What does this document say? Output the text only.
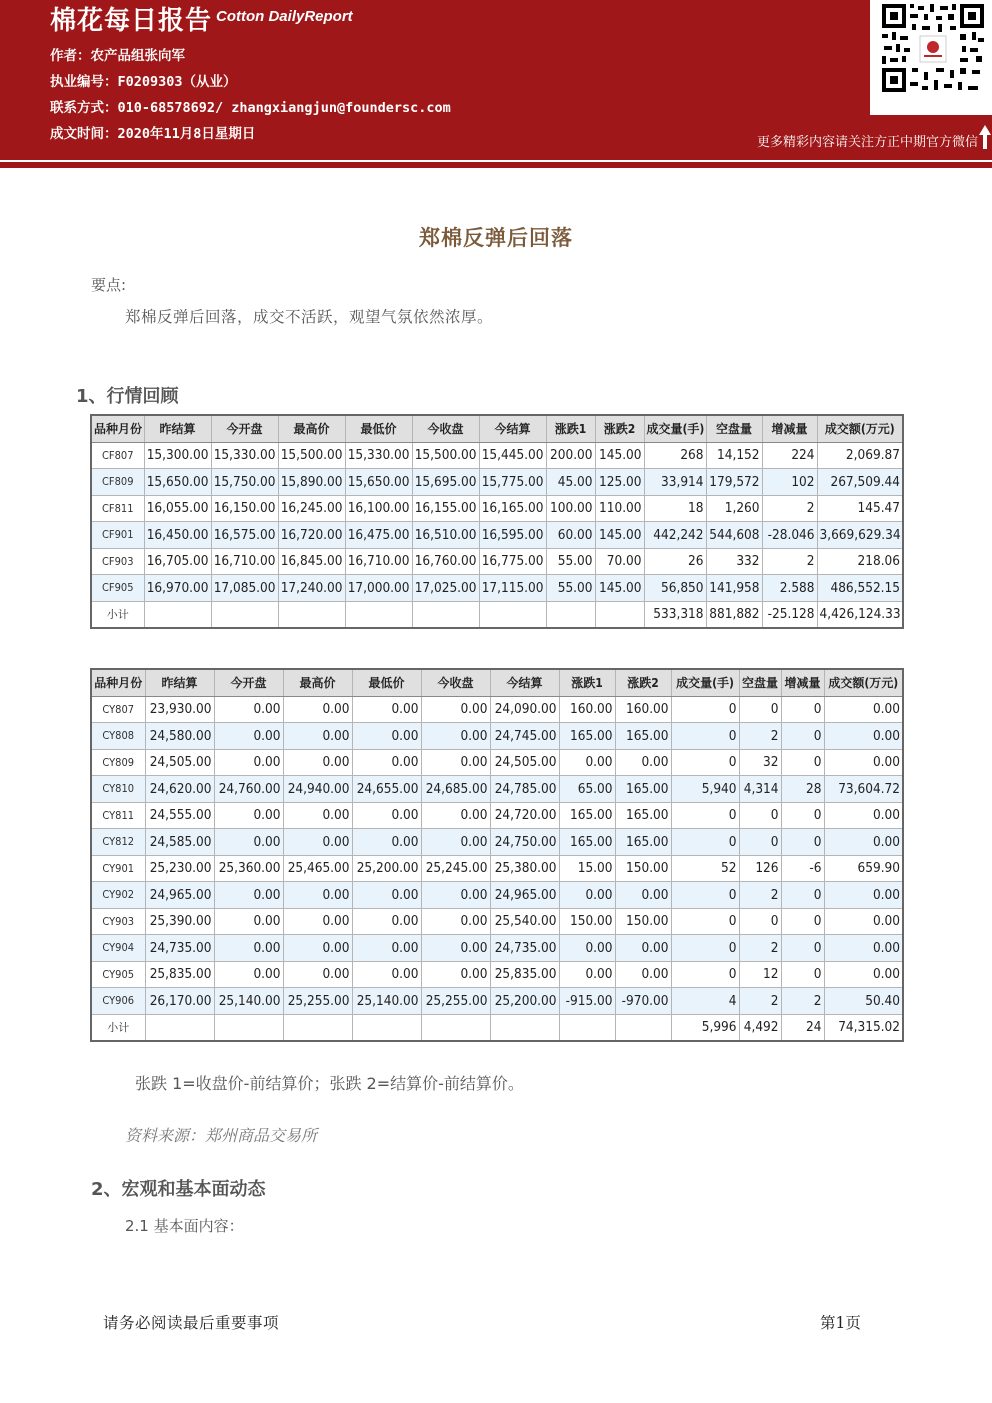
棉花每日报告 Cotton DailyReport
作者：农产品组张向军
执业编号：F0209303（从业）
联系方式：010-68578692/ zhangxiangjun@foundersc.com
成文时间：2020年11月8日星期日
更多精彩内容请关注方正中期官方微信
郑棉反弹后回落
要点:
郑棉反弹后回落，成交不活跃，观望气氛依然浓厚。
1、行情回顾
品种月份	昨结算	今开盘	最高价	最低价	今收盘	今结算	涨跌1	涨跌2	成交量(手)	空盘量	增减量	成交额(万元)
CF807	15,300.00	15,330.00	15,500.00	15,330.00	15,500.00	15,445.00	200.00	145.00	268	14,152	224	2,069.87
CF809	15,650.00	15,750.00	15,890.00	15,650.00	15,695.00	15,775.00	45.00	125.00	33,914	179,572	102	267,509.44
CF811	16,055.00	16,150.00	16,245.00	16,100.00	16,155.00	16,165.00	100.00	110.00	18	1,260	2	145.47
CF901	16,450.00	16,575.00	16,720.00	16,475.00	16,510.00	16,595.00	60.00	145.00	442,242	544,608	-28.046	3,669,629.34
CF903	16,705.00	16,710.00	16,845.00	16,710.00	16,760.00	16,775.00	55.00	70.00	26	332	2	218.06
CF905	16,970.00	17,085.00	17,240.00	17,000.00	17,025.00	17,115.00	55.00	145.00	56,850	141,958	2.588	486,552.15
小计									533,318	881,882	-25.128	4,426,124.33
品种月份	昨结算	今开盘	最高价	最低价	今收盘	今结算	涨跌1	涨跌2	成交量(手)	空盘量	增减量	成交额(万元)
CY807	23,930.00	0.00	0.00	0.00	0.00	24,090.00	160.00	160.00	0	0	0	0.00
CY808	24,580.00	0.00	0.00	0.00	0.00	24,745.00	165.00	165.00	0	2	0	0.00
CY809	24,505.00	0.00	0.00	0.00	0.00	24,505.00	0.00	0.00	0	32	0	0.00
CY810	24,620.00	24,760.00	24,940.00	24,655.00	24,685.00	24,785.00	65.00	165.00	5,940	4,314	28	73,604.72
CY811	24,555.00	0.00	0.00	0.00	0.00	24,720.00	165.00	165.00	0	0	0	0.00
CY812	24,585.00	0.00	0.00	0.00	0.00	24,750.00	165.00	165.00	0	0	0	0.00
CY901	25,230.00	25,360.00	25,465.00	25,200.00	25,245.00	25,380.00	15.00	150.00	52	126	-6	659.90
CY902	24,965.00	0.00	0.00	0.00	0.00	24,965.00	0.00	0.00	0	2	0	0.00
CY903	25,390.00	0.00	0.00	0.00	0.00	25,540.00	150.00	150.00	0	0	0	0.00
CY904	24,735.00	0.00	0.00	0.00	0.00	24,735.00	0.00	0.00	0	2	0	0.00
CY905	25,835.00	0.00	0.00	0.00	0.00	25,835.00	0.00	0.00	0	12	0	0.00
CY906	26,170.00	25,140.00	25,255.00	25,140.00	25,255.00	25,200.00	-915.00	-970.00	4	2	2	50.40
小计									5,996	4,492	24	74,315.02
张跌 1=收盘价-前结算价；张跌 2=结算价-前结算价。
资料来源：郑州商品交易所
2、宏观和基本面动态
2.1 基本面内容：
请务必阅读最后重要事项	第1页
